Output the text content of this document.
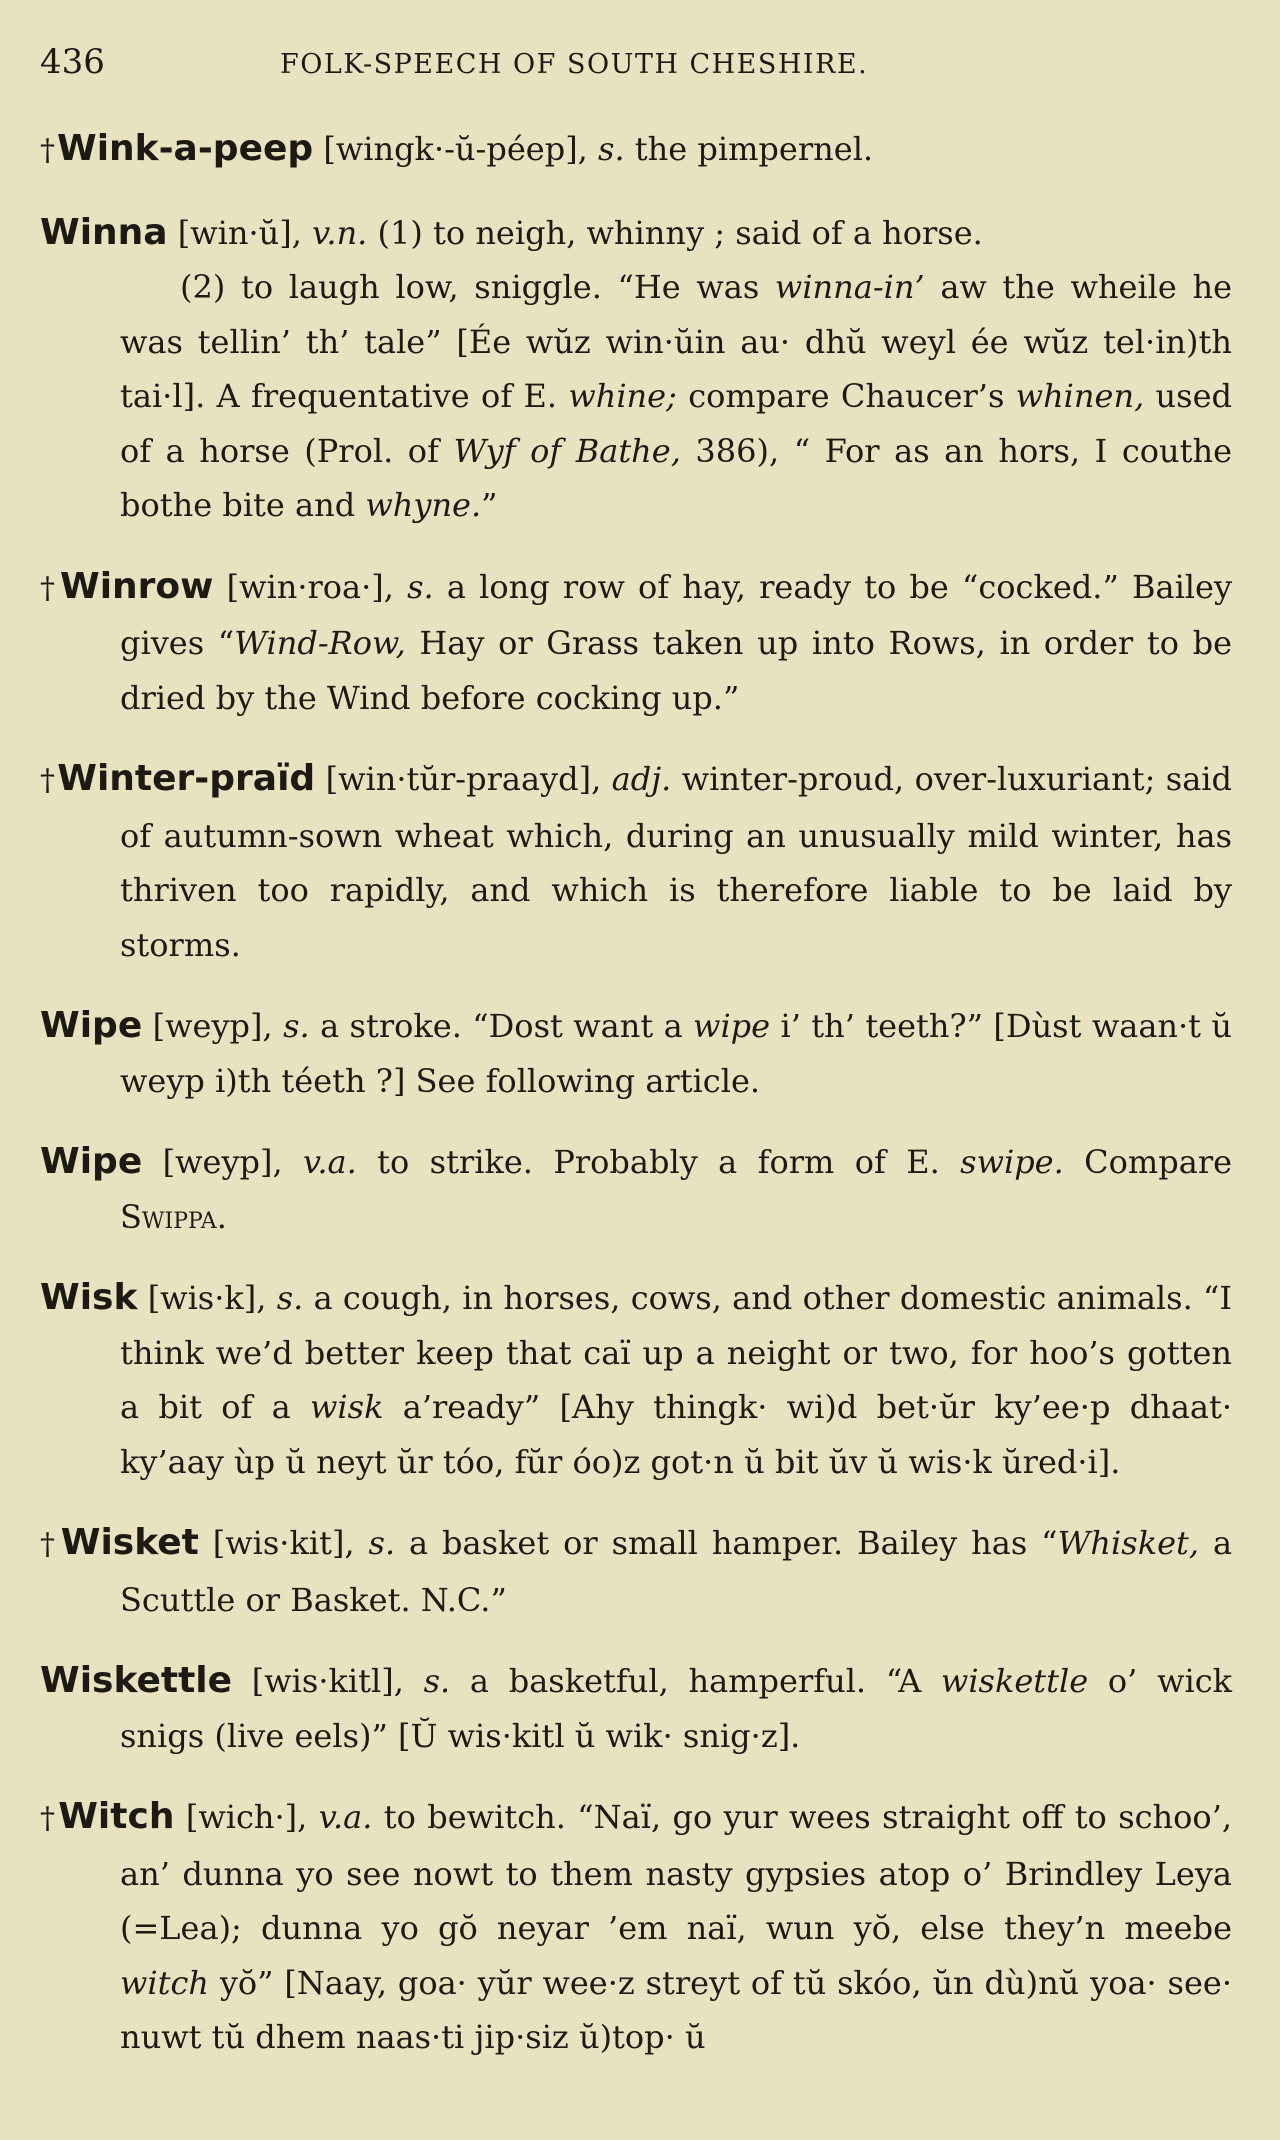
436	FOLK-SPEECH OF SOUTH CHESHIRE.

†Wink-a-peep [wingk·-ŭ-péep], s. the pimpernel.

Winna [win·ŭ], v.n. (1) to neigh, whinny ; said of a horse.

(2) to laugh low, sniggle. “He was winna-in’ aw the wheile he was tellin’ th’ tale” [Ée wŭz win·ŭin au· dhŭ weyl ée wŭz tel·in)th tai·l]. A frequentative of E. whine; compare Chaucer’s whinen, used of a horse (Prol. of Wyf of Bathe, 386), “ For as an hors, I couthe bothe bite and whyne.”

†Winrow [win·roa·], s. a long row of hay, ready to be “cocked.” Bailey gives “Wind-Row, Hay or Grass taken up into Rows, in order to be dried by the Wind before cocking up.”

†Winter-praïd [win·tŭr-praayd], adj. winter-proud, over-luxuriant; said of autumn-sown wheat which, during an unusually mild winter, has thriven too rapidly, and which is therefore liable to be laid by storms.

Wipe [weyp], s. a stroke. “Dost want a wipe i’ th’ teeth?” [Dùst waan·t ŭ weyp i)th téeth ?] See following article.

Wipe [weyp], v.a. to strike. Probably a form of E. swipe. Compare Swippa.

Wisk [wis·k], s. a cough, in horses, cows, and other domestic animals. “I think we’d better keep that caï up a neight or two, for hoo’s gotten a bit of a wisk a’ready” [Ahy thingk· wi)d bet·ŭr ky’ee·p dhaat· ky’aay ùp ŭ neyt ŭr tóo, fŭr óo)z got·n ŭ bit ŭv ŭ wis·k ŭred·i].

†Wisket [wis·kit], s. a basket or small hamper. Bailey has “Whisket, a Scuttle or Basket. N.C.”

Wiskettle [wis·kitl], s. a basketful, hamperful. “A wiskettle o’ wick snigs (live eels)” [Ŭ wis·kitl ŭ wik· snig·z].

†Witch [wich·], v.a. to bewitch. “Naï, go yur wees straight off to schoo’, an’ dunna yo see nowt to them nasty gypsies atop o’ Brindley Leya (=Lea); dunna yo gŏ neyar ’em naï, wun yŏ, else they’n meebe witch yŏ” [Naay, goa· yŭr wee·z streyt of tŭ skóo, ŭn dù)nŭ yoa· see· nuwt tŭ dhem naas·ti jip·siz ŭ)top· ŭ
